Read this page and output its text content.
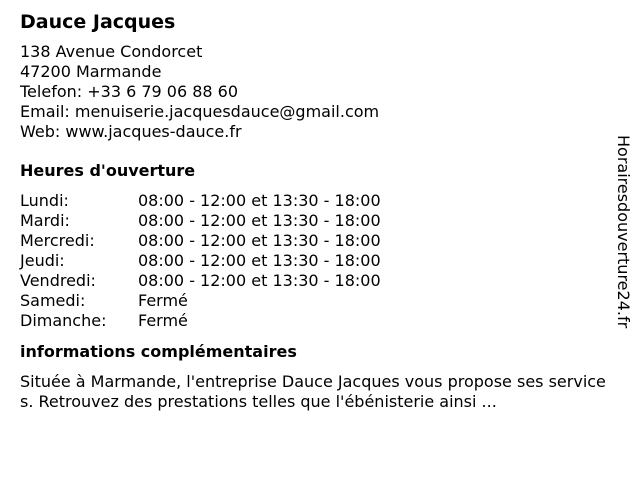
Dauce Jacques
138 Avenue Condorcet
47200 Marmande
Telefon: +33 6 79 06 88 60
Email: menuiserie.jacquesdauce@gmail.com
Web: www.jacques-dauce.fr
Heures d'ouverture
Lundi:	08:00 - 12:00 et 13:30 - 18:00
Mardi:	08:00 - 12:00 et 13:30 - 18:00
Mercredi:	08:00 - 12:00 et 13:30 - 18:00
Jeudi:	08:00 - 12:00 et 13:30 - 18:00
Vendredi:	08:00 - 12:00 et 13:30 - 18:00
Samedi:	Fermé
Dimanche:	Fermé
informations complémentaires
Située à Marmande, l'entreprise Dauce Jacques vous propose ses services. Retrouvez des prestations telles que l'ébénisterie ainsi ...
Horairesdouverture24.fr
